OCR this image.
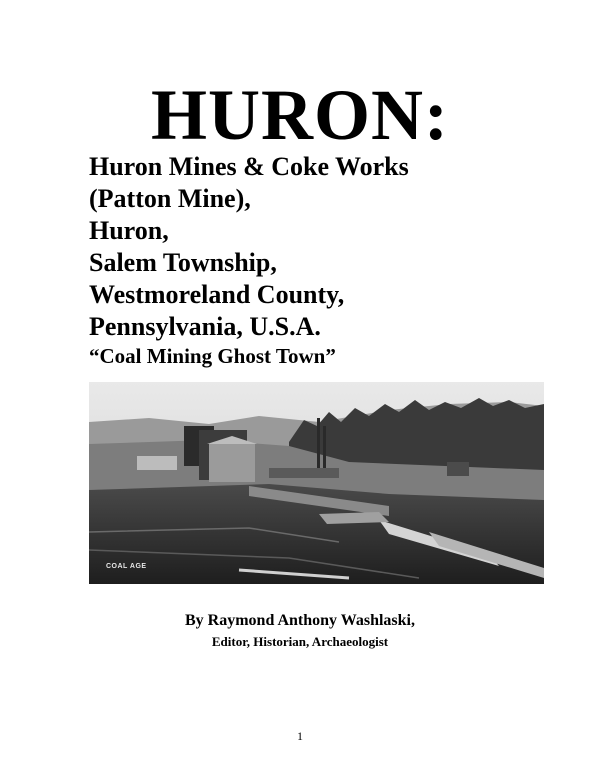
HURON:
Huron Mines & Coke Works
(Patton Mine),
Huron,
Salem Township,
Westmoreland County,
Pennsylvania, U.S.A.
“Coal Mining Ghost Town”
COAL AGE
By Raymond Anthony Washlaski,
Editor, Historian, Archaeologist
1
